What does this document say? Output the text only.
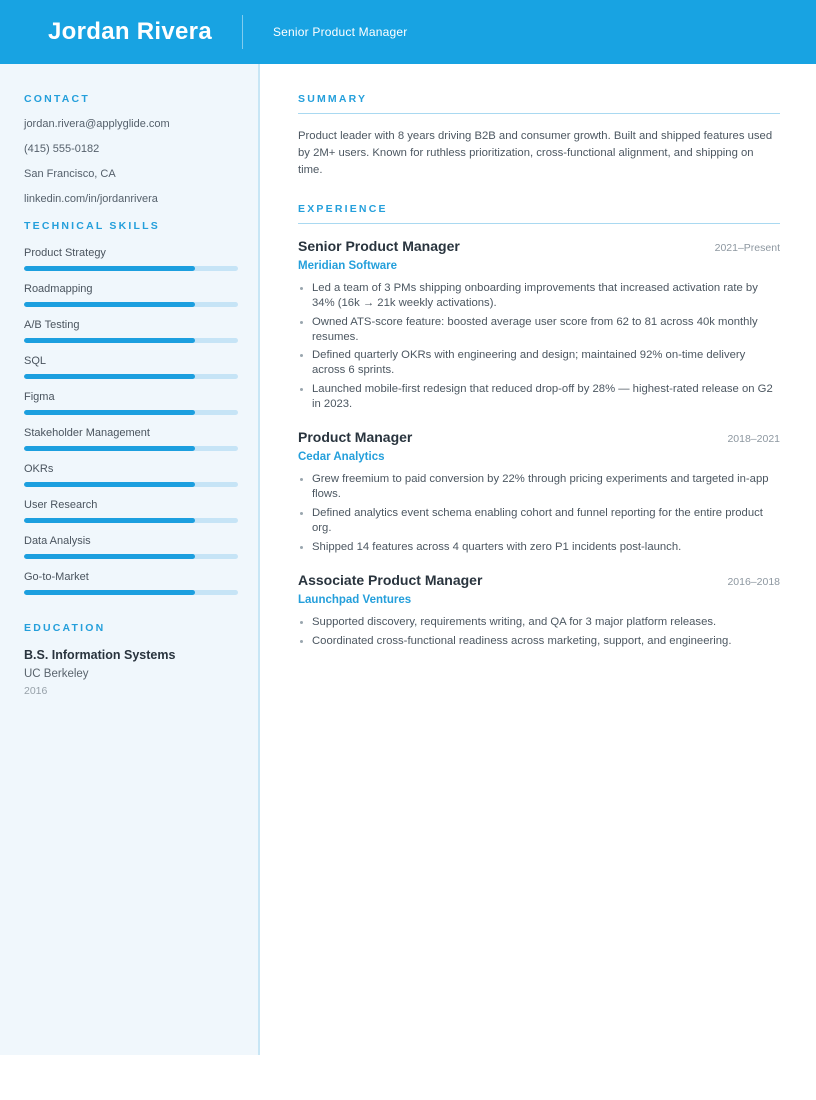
Jordan Rivera	Senior Product Manager
CONTACT
jordan.rivera@applyglide.com
(415) 555-0182
San Francisco, CA
linkedin.com/in/jordanrivera
TECHNICAL SKILLS
Product Strategy
Roadmapping
A/B Testing
SQL
Figma
Stakeholder Management
OKRs
User Research
Data Analysis
Go-to-Market
EDUCATION
B.S. Information Systems
UC Berkeley
2016
SUMMARY

Product leader with 8 years driving B2B and consumer growth. Built and shipped features used by 2M+ users. Known for ruthless prioritization, cross-functional alignment, and shipping on time.

EXPERIENCE
Senior Product Manager	2021–Present
Meridian Software
Led a team of 3 PMs shipping onboarding improvements that increased activation rate by 34% (16k → 21k weekly activations).
Owned ATS-score feature: boosted average user score from 62 to 81 across 40k monthly resumes.
Defined quarterly OKRs with engineering and design; maintained 92% on-time delivery across 6 sprints.
Launched mobile-first redesign that reduced drop-off by 28% — highest-rated release on G2 in 2023.
Product Manager	2018–2021
Cedar Analytics
Grew freemium to paid conversion by 22% through pricing experiments and targeted in-app flows.
Defined analytics event schema enabling cohort and funnel reporting for the entire product org.
Shipped 14 features across 4 quarters with zero P1 incidents post-launch.
Associate Product Manager	2016–2018
Launchpad Ventures
Supported discovery, requirements writing, and QA for 3 major platform releases.
Coordinated cross-functional readiness across marketing, support, and engineering.
